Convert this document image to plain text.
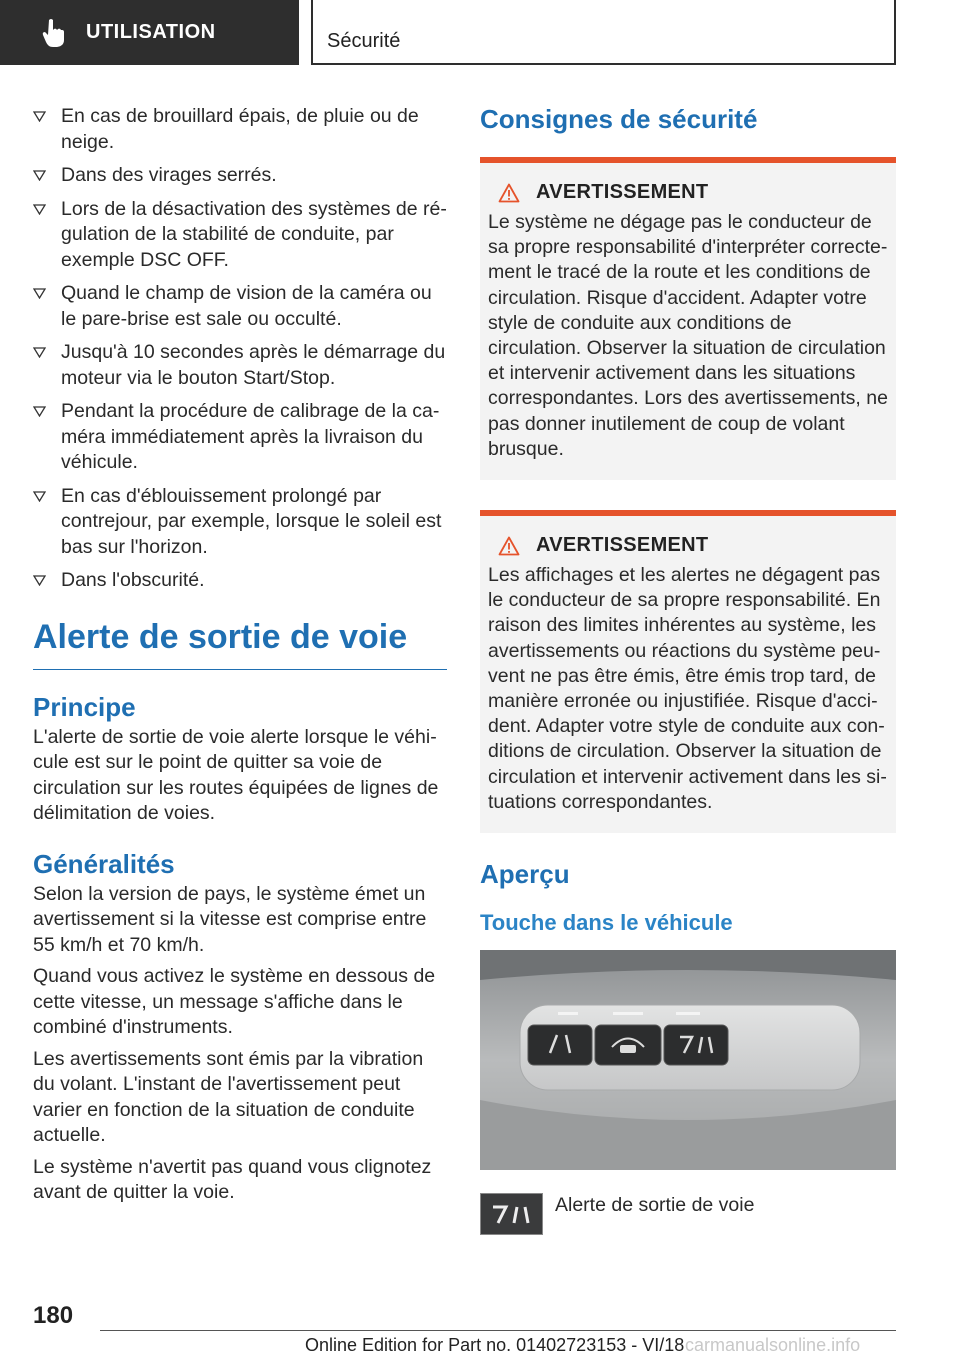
UTILISATION	Sécurité
En cas de brouillard épais, de pluie ou de neige.
Dans des virages serrés.
Lors de la désactivation des systèmes de régulation de la stabilité de conduite, par exemple DSC OFF.
Quand le champ de vision de la caméra ou le pare-brise est sale ou occulté.
Jusqu'à 10 secondes après le démarrage du moteur via le bouton Start/Stop.
Pendant la procédure de calibrage de la caméra immédiatement après la livraison du véhicule.
En cas d'éblouissement prolongé par contrejour, par exemple, lorsque le soleil est bas sur l'horizon.
Dans l'obscurité.
Alerte de sortie de voie
Principe

L'alerte de sortie de voie alerte lorsque le véhicule est sur le point de quitter sa voie de circulation sur les routes équipées de lignes de délimitation de voies.

Généralités

Selon la version de pays, le système émet un avertissement si la vitesse est comprise entre 55 km/h et 70 km/h.

Quand vous activez le système en dessous de cette vitesse, un message s'affiche dans le combiné d'instruments.

Les avertissements sont émis par la vibration du volant. L'instant de l'avertissement peut varier en fonction de la situation de conduite actuelle.

Le système n'avertit pas quand vous clignotez avant de quitter la voie.

Consignes de sécurité
AVERTISSEMENT

Le système ne dégage pas le conducteur de sa propre responsabilité d'interpréter correctement le tracé de la route et les conditions de circulation. Risque d'accident. Adapter votre style de conduite aux conditions de circulation. Observer la situation de circulation et intervenir activement dans les situations correspondantes. Lors des avertissements, ne pas donner inutilement de coup de volant brusque.

AVERTISSEMENT

Les affichages et les alertes ne dégagent pas le conducteur de sa propre responsabilité. En raison des limites inhérentes au système, les avertissements ou réactions du système peuvent ne pas être émis, être émis trop tard, de manière erronée ou injustifiée. Risque d'accident. Adapter votre style de conduite aux conditions de circulation. Observer la situation de circulation et intervenir activement dans les situations correspondantes.

Aperçu
Touche dans le véhicule

Alerte de sortie de voie

180
Online Edition for Part no. 01402723153 - VI/18 carmanualsonline.info
